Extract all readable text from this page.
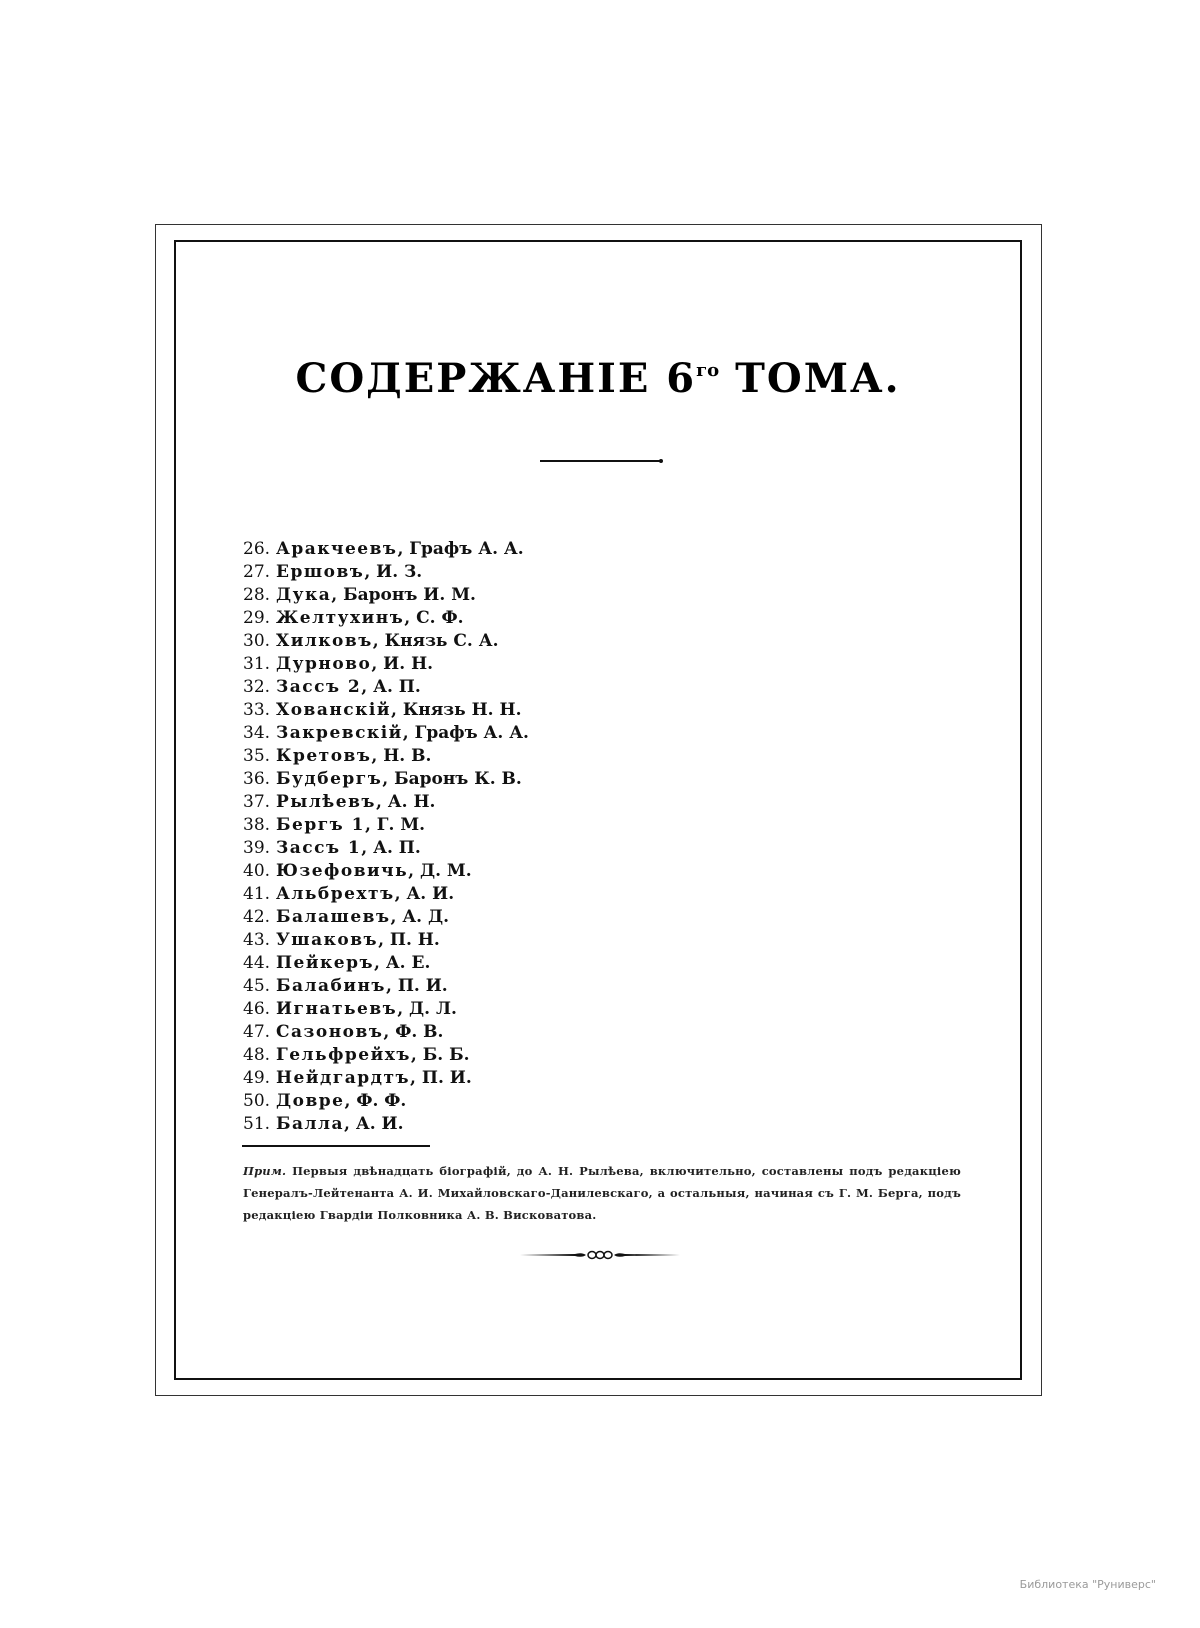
СОДЕРЖАНІЕ $6^{го}$ ТОМА.
26. Аракчеевъ, Графъ А. А.
27. Ершовъ, И. З.
28. Дука, Баронъ И. М.
29. Желтухинъ, С. Ф.
30. Хилковъ, Князь С. А.
31. Дурново, И. Н.
32. Зассъ 2, А. П.
33. Хованскій, Князь Н. Н.
34. Закревскій, Графъ А. А.
35. Кретовъ, Н. В.
36. Будбергъ, Баронъ К. В.
37. Рылѣевъ, А. Н.
38. Бергъ 1, Г. М.
39. Зассъ 1, А. П.
40. Юзефовичь, Д. М.
41. Альбрехтъ, А. И.
42. Балашевъ, А. Д.
43. Ушаковъ, П. Н.
44. Пейкеръ, А. Е.
45. Балабинъ, П. И.
46. Игнатьевъ, Д. Л.
47. Сазоновъ, Ф. В.
48. Гельфрейхъ, Б. Б.
49. Нейдгардтъ, П. И.
50. Довре, Ф. Ф.
51. Балла, А. И.
Прим. Первыя двѣнадцать біографій, до А. Н. Рылѣева, включительно, составлены подъ редакціею Генералъ-Лейтенанта А. И. Михайловскаго-Данилевскаго, а остальныя, начиная съ Г. М. Берга, подъ редакціею Гвардіи Полковника А. В. Висковатова.
Библиотека "Руниверс"
